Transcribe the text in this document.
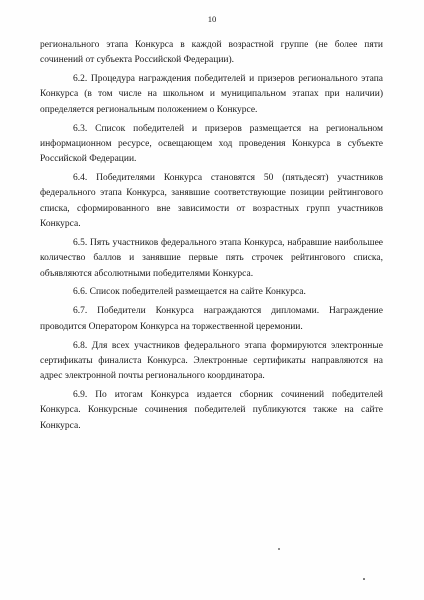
10

регионального этапа Конкурса в каждой возрастной группе (не более пяти сочинений от субъекта Российской Федерации).

6.2. Процедура награждения победителей и призеров регионального этапа Конкурса (в том числе на школьном и муниципальном этапах при наличии) определяется региональным положением о Конкурсе.

6.3. Список победителей и призеров размещается на региональном информационном ресурсе, освещающем ход проведения Конкурса в субъекте Российской Федерации.

6.4. Победителями Конкурса становятся 50 (пятьдесят) участников федерального этапа Конкурса, занявшие соответствующие позиции рейтингового списка, сформированного вне зависимости от возрастных групп участников Конкурса.

6.5. Пять участников федерального этапа Конкурса, набравшие наибольшее количество баллов и занявшие первые пять строчек рейтингового списка, объявляются абсолютными победителями Конкурса.

6.6. Список победителей размещается на сайте Конкурса.

6.7. Победители Конкурса награждаются дипломами. Награждение проводится Оператором Конкурса на торжественной церемонии.

6.8. Для всех участников федерального этапа формируются электронные сертификаты финалиста Конкурса. Электронные сертификаты направляются на адрес электронной почты регионального координатора.

6.9. По итогам Конкурса издается сборник сочинений победителей Конкурса. Конкурсные сочинения победителей публикуются также на сайте Конкурса.
